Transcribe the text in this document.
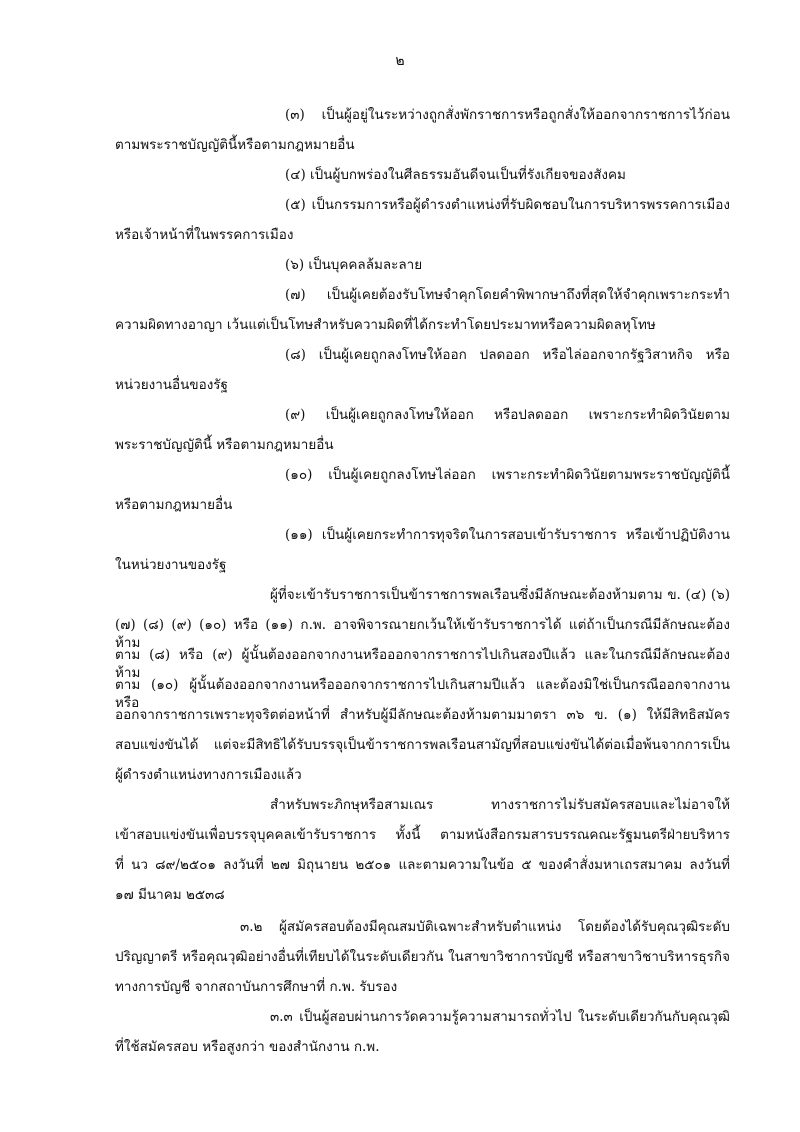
๒
(๓) เป็นผู้อยู่ในระหว่างถูกสั่งพักราชการหรือถูกสั่งให้ออกจากราชการไว้ก่อน
ตามพระราชบัญญัตินี้หรือตามกฎหมายอื่น
(๔) เป็นผู้บกพร่องในศีลธรรมอันดีจนเป็นที่รังเกียจของสังคม
(๕) เป็นกรรมการหรือผู้ดำรงตำแหน่งที่รับผิดชอบในการบริหารพรรคการเมือง
หรือเจ้าหน้าที่ในพรรคการเมือง
(๖) เป็นบุคคลล้มละลาย
(๗) เป็นผู้เคยต้องรับโทษจำคุกโดยคำพิพากษาถึงที่สุดให้จำคุกเพราะกระทำ
ความผิดทางอาญา เว้นแต่เป็นโทษสำหรับความผิดที่ได้กระทำโดยประมาทหรือความผิดลหุโทษ
(๘) เป็นผู้เคยถูกลงโทษให้ออก ปลดออก หรือไล่ออกจากรัฐวิสาหกิจ หรือ
หน่วยงานอื่นของรัฐ
(๙) เป็นผู้เคยถูกลงโทษให้ออก หรือปลดออก เพราะกระทำผิดวินัยตาม
พระราชบัญญัตินี้ หรือตามกฎหมายอื่น
(๑๐) เป็นผู้เคยถูกลงโทษไล่ออก เพราะกระทำผิดวินัยตามพระราชบัญญัตินี้
หรือตามกฎหมายอื่น
(๑๑) เป็นผู้เคยกระทำการทุจริตในการสอบเข้ารับราชการ หรือเข้าปฏิบัติงาน
ในหน่วยงานของรัฐ
ผู้ที่จะเข้ารับราชการเป็นข้าราชการพลเรือนซึ่งมีลักษณะต้องห้ามตาม ข. (๔) (๖)
(๗) (๘) (๙) (๑๐) หรือ (๑๑) ก.พ. อาจพิจารณายกเว้นให้เข้ารับราชการได้ แต่ถ้าเป็นกรณีมีลักษณะต้องห้าม
ตาม (๘) หรือ (๙) ผู้นั้นต้องออกจากงานหรือออกจากราชการไปเกินสองปีแล้ว และในกรณีมีลักษณะต้องห้าม
ตาม (๑๐) ผู้นั้นต้องออกจากงานหรือออกจากราชการไปเกินสามปีแล้ว และต้องมิใช่เป็นกรณีออกจากงานหรือ
ออกจากราชการเพราะทุจริตต่อหน้าที่ สำหรับผู้มีลักษณะต้องห้ามตามมาตรา ๓๖ ข. (๑) ให้มีสิทธิสมัคร
สอบแข่งขันได้ แต่จะมีสิทธิได้รับบรรจุเป็นข้าราชการพลเรือนสามัญที่สอบแข่งขันได้ต่อเมื่อพ้นจากการเป็น
ผู้ดำรงตำแหน่งทางการเมืองแล้ว
สำหรับพระภิกษุหรือสามเณร ทางราชการไม่รับสมัครสอบและไม่อาจให้
เข้าสอบแข่งขันเพื่อบรรจุบุคคลเข้ารับราชการ ทั้งนี้ ตามหนังสือกรมสารบรรณคณะรัฐมนตรีฝ่ายบริหาร
ที่ นว ๘๙/๒๕๐๑ ลงวันที่ ๒๗ มิถุนายน ๒๕๐๑ และตามความในข้อ ๕ ของคำสั่งมหาเถรสมาคม ลงวันที่
๑๗ มีนาคม ๒๕๓๘
๓.๒ ผู้สมัครสอบต้องมีคุณสมบัติเฉพาะสำหรับตำแหน่ง โดยต้องได้รับคุณวุฒิระดับ
ปริญญาตรี หรือคุณวุฒิอย่างอื่นที่เทียบได้ในระดับเดียวกัน ในสาขาวิชาการบัญชี หรือสาขาวิชาบริหารธุรกิจ
ทางการบัญชี จากสถาบันการศึกษาที่ ก.พ. รับรอง
๓.๓ เป็นผู้สอบผ่านการวัดความรู้ความสามารถทั่วไป ในระดับเดียวกันกับคุณวุฒิ
ที่ใช้สมัครสอบ หรือสูงกว่า ของสำนักงาน ก.พ.
